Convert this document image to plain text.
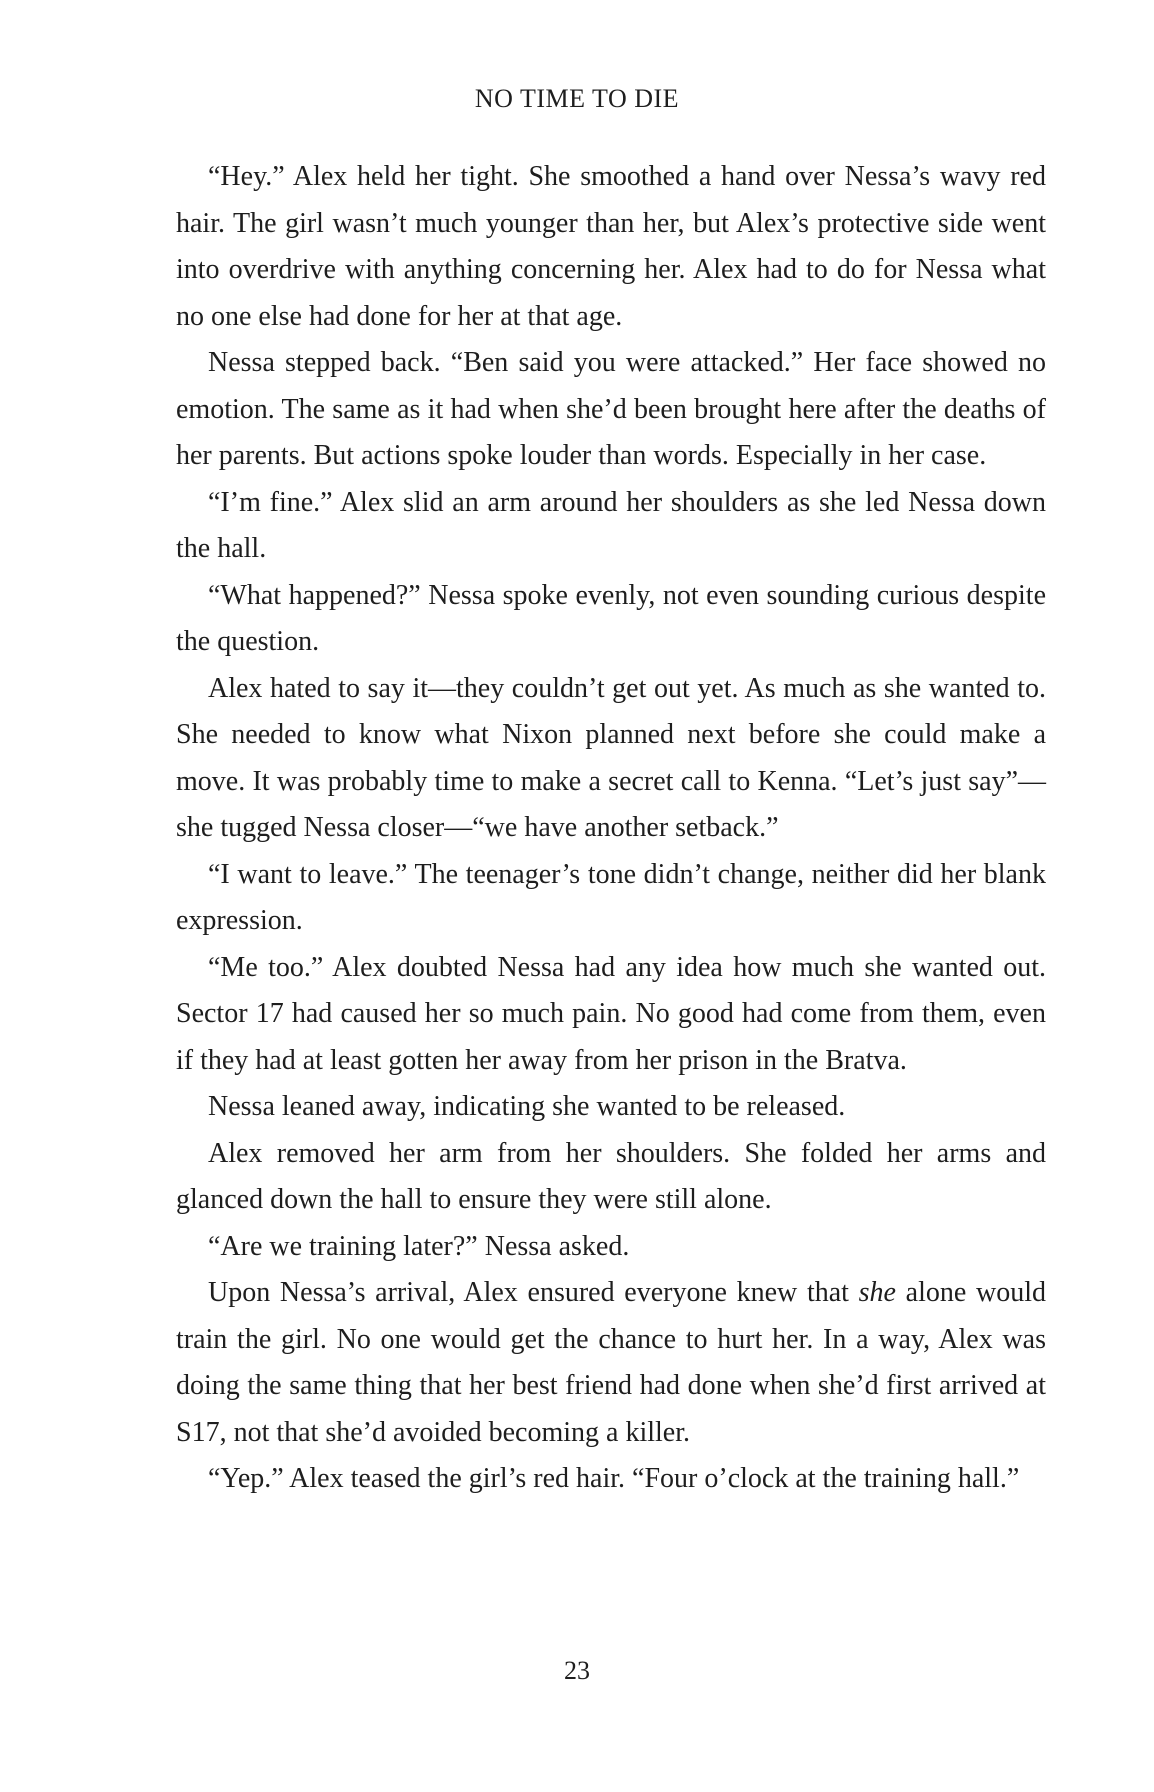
NO TIME TO DIE

“Hey.” Alex held her tight. She smoothed a hand over Nessa’s wavy red hair. The girl wasn’t much younger than her, but Alex’s protective side went into overdrive with anything concerning her. Alex had to do for Nessa what no one else had done for her at that age.

Nessa stepped back. “Ben said you were attacked.” Her face showed no emotion. The same as it had when she’d been brought here after the deaths of her parents. But actions spoke louder than words. Especially in her case.

“I’m fine.” Alex slid an arm around her shoulders as she led Nessa down the hall.

“What happened?” Nessa spoke evenly, not even sounding curious despite the question.

Alex hated to say it—they couldn’t get out yet. As much as she wanted to. She needed to know what Nixon planned next before she could make a move. It was probably time to make a secret call to Kenna. “Let’s just say”—she tugged Nessa closer—“we have another setback.”

“I want to leave.” The teenager’s tone didn’t change, neither did her blank expression.

“Me too.” Alex doubted Nessa had any idea how much she wanted out. Sector 17 had caused her so much pain. No good had come from them, even if they had at least gotten her away from her prison in the Bratva.

Nessa leaned away, indicating she wanted to be released.

Alex removed her arm from her shoulders. She folded her arms and glanced down the hall to ensure they were still alone.

“Are we training later?” Nessa asked.

Upon Nessa’s arrival, Alex ensured everyone knew that she alone would train the girl. No one would get the chance to hurt her. In a way, Alex was doing the same thing that her best friend had done when she’d first arrived at S17, not that she’d avoided becoming a killer.

“Yep.” Alex teased the girl’s red hair. “Four o’clock at the training hall.”

23
